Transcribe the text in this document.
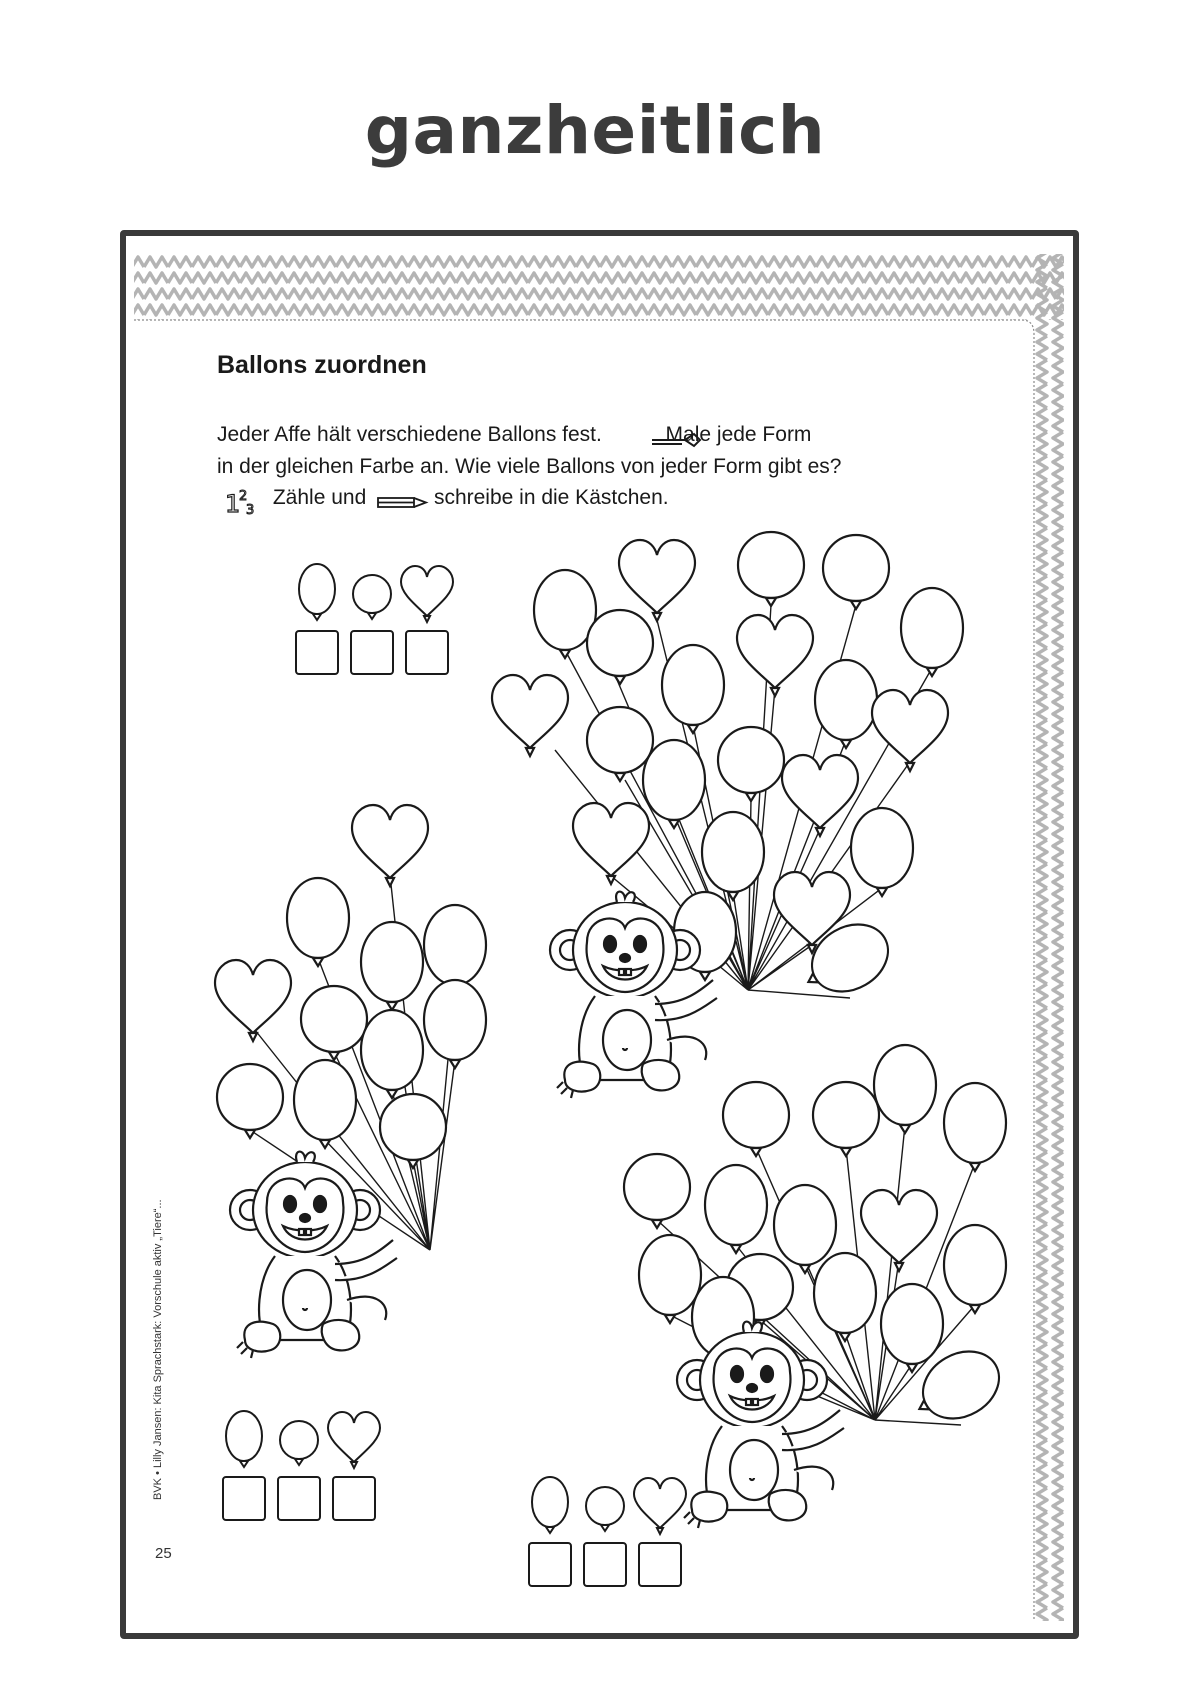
ganzheitlich
1
2
3
Ballons zuordnen
Jeder Affe hält verschiedene Ballons fest.	Male jede Form
in der gleichen Farbe an. Wie viele Ballons von jeder Form gibt es?
Zähle und	schreibe in die Kästchen.
BVK • Lilly Jansen: Kita Sprachstark: Vorschule aktiv „Tiere“...
25
